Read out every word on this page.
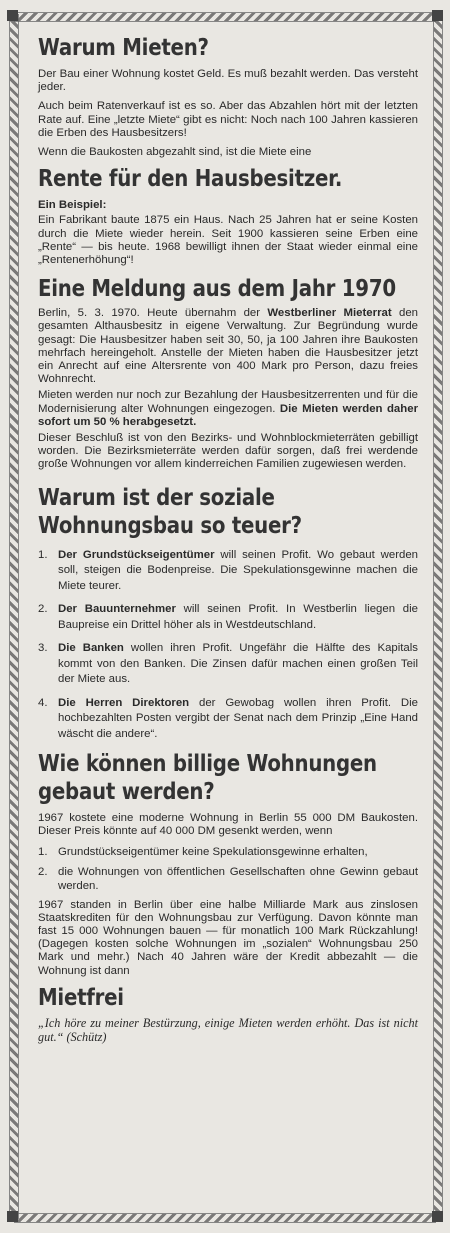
Warum Mieten?

Der Bau einer Wohnung kostet Geld. Es muß bezahlt werden. Das versteht jeder.

Auch beim Ratenverkauf ist es so. Aber das Abzahlen hört mit der letzten Rate auf. Eine „letzte Miete“ gibt es nicht: Noch nach 100 Jahren kassieren die Erben des Hausbesitzers!

Wenn die Baukosten abgezahlt sind, ist die Miete eine

Rente für den Hausbesitzer.

Ein Beispiel:

Ein Fabrikant baute 1875 ein Haus. Nach 25 Jahren hat er seine Kosten durch die Miete wieder herein. Seit 1900 kassieren seine Erben eine „Rente“ — bis heute. 1968 bewilligt ihnen der Staat wieder einmal eine „Rentenerhöhung“!

Eine Meldung aus dem Jahr 1970

Berlin, 5. 3. 1970. Heute übernahm der Westberliner Mieterrat den gesamten Althausbesitz in eigene Verwaltung. Zur Begründung wurde gesagt: Die Hausbesitzer haben seit 30, 50, ja 100 Jahren ihre Baukosten mehrfach hereingeholt. Anstelle der Mieten haben die Hausbesitzer jetzt ein Anrecht auf eine Altersrente von 400 Mark pro Person, dazu freies Wohnrecht.

Mieten werden nur noch zur Bezahlung der Hausbesitzerrenten und für die Modernisierung alter Wohnungen eingezogen. Die Mieten werden daher sofort um 50 % herabgesetzt.

Dieser Beschluß ist von den Bezirks- und Wohnblockmieterräten gebilligt worden. Die Bezirksmieterräte werden dafür sorgen, daß frei werdende große Wohnungen vor allem kinderreichen Familien zugewiesen werden.

Warum ist der soziale
Wohnungsbau so teuer?
1. Der Grundstückseigentümer will seinen Profit. Wo gebaut werden soll, steigen die Bodenpreise. Die Spekulationsgewinne machen die Miete teurer.
2. Der Bauunternehmer will seinen Profit. In Westberlin liegen die Baupreise ein Drittel höher als in Westdeutschland.
3. Die Banken wollen ihren Profit. Ungefähr die Hälfte des Kapitals kommt von den Banken. Die Zinsen dafür machen einen großen Teil der Miete aus.
4. Die Herren Direktoren der Gewobag wollen ihren Profit. Die hochbezahlten Posten vergibt der Senat nach dem Prinzip „Eine Hand wäscht die andere“.
Wie können billige Wohnungen
gebaut werden?

1967 kostete eine moderne Wohnung in Berlin 55 000 DM Baukosten. Dieser Preis könnte auf 40 000 DM gesenkt werden, wenn

1. Grundstückseigentümer keine Spekulationsgewinne erhalten,
2. die Wohnungen von öffentlichen Gesellschaften ohne Gewinn gebaut werden.

1967 standen in Berlin über eine halbe Milliarde Mark aus zinslosen Staatskrediten für den Wohnungsbau zur Verfügung. Davon könnte man fast 15 000 Wohnungen bauen — für monatlich 100 Mark Rückzahlung! (Dagegen kosten solche Wohnungen im „sozialen“ Wohnungsbau 250 Mark und mehr.) Nach 40 Jahren wäre der Kredit abbezahlt — die Wohnung ist dann

Mietfrei

„Ich höre zu meiner Bestürzung, einige Mieten werden erhöht. Das ist nicht gut.“ (Schütz)
